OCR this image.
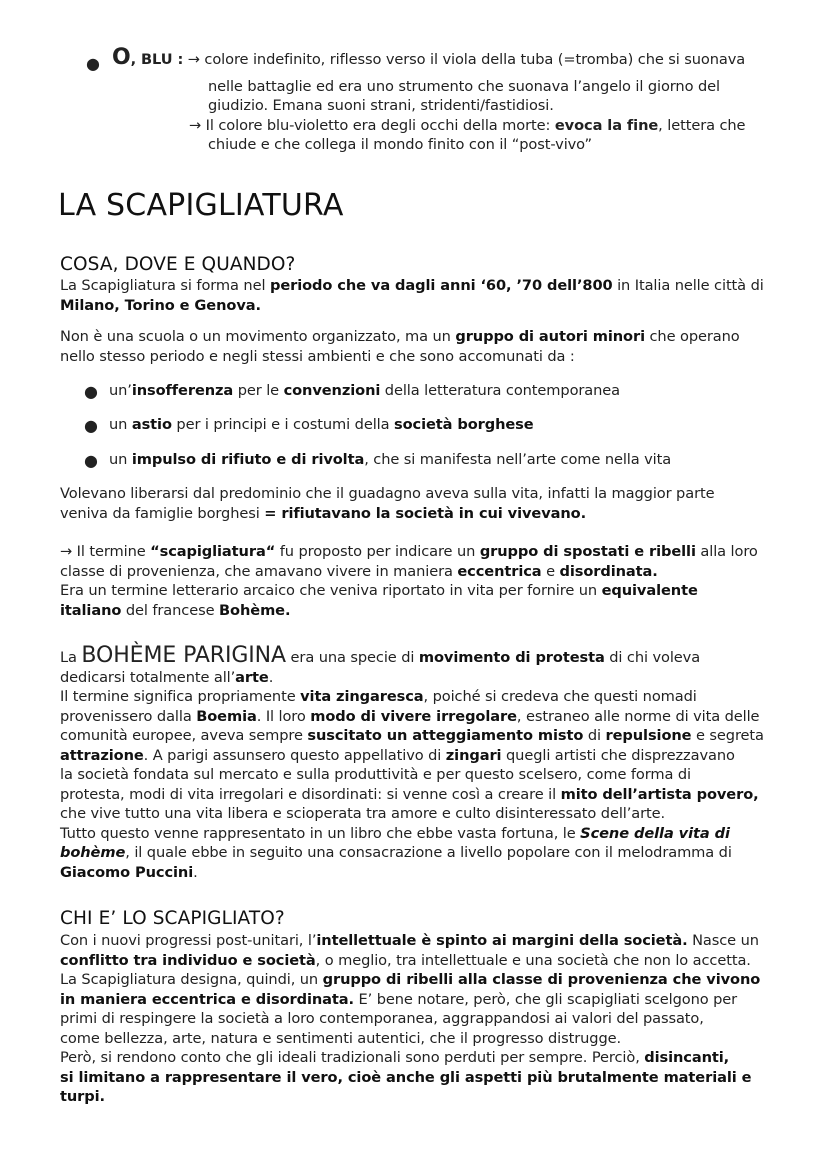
● O, BLU : → colore indefinito, riflesso verso il viola della tuba (=tromba) che si suonava
nelle battaglie ed era uno strumento che suonava l’angelo il giorno del
giudizio. Emana suoni strani, stridenti/fastidiosi.
→ Il colore blu-violetto era degli occhi della morte: evoca la fine, lettera che
chiude e che collega il mondo finito con il “post-vivo”
LA SCAPIGLIATURA
COSA, DOVE E QUANDO?
La Scapigliatura si forma nel periodo che va dagli anni ‘60, ’70 dell’800 in Italia nelle città di
Milano, Torino e Genova.
Non è una scuola o un movimento organizzato, ma un gruppo di autori minori che operano
nello stesso periodo e negli stessi ambienti e che sono accomunati da :
● un’insofferenza per le convenzioni della letteratura contemporanea
● un astio per i principi e i costumi della società borghese
● un impulso di rifiuto e di rivolta, che si manifesta nell’arte come nella vita
Volevano liberarsi dal predominio che il guadagno aveva sulla vita, infatti la maggior parte
veniva da famiglie borghesi = rifiutavano la società in cui vivevano.
→ Il termine “scapigliatura“ fu proposto per indicare un gruppo di spostati e ribelli alla loro
classe di provenienza, che amavano vivere in maniera eccentrica e disordinata.
Era un termine letterario arcaico che veniva riportato in vita per fornire un equivalente
italiano del francese Bohème.
La BOHÈME PARIGINA era una specie di movimento di protesta di chi voleva
dedicarsi totalmente all’arte.
Il termine significa propriamente vita zingaresca, poiché si credeva che questi nomadi
provenissero dalla Boemia. Il loro modo di vivere irregolare, estraneo alle norme di vita delle
comunità europee, aveva sempre suscitato un atteggiamento misto di repulsione e segreta
attrazione. A parigi assunsero questo appellativo di zingari quegli artisti che disprezzavano
la società fondata sul mercato e sulla produttività e per questo scelsero, come forma di
protesta, modi di vita irregolari e disordinati: si venne così a creare il mito dell’artista povero,
che vive tutto una vita libera e scioperata tra amore e culto disinteressato dell’arte.
Tutto questo venne rappresentato in un libro che ebbe vasta fortuna, le Scene della vita di
bohème, il quale ebbe in seguito una consacrazione a livello popolare con il melodramma di
Giacomo Puccini.
CHI E’ LO SCAPIGLIATO?
Con i nuovi progressi post-unitari, l’intellettuale è spinto ai margini della società. Nasce un
conflitto tra individuo e società, o meglio, tra intellettuale e una società che non lo accetta.
La Scapigliatura designa, quindi, un gruppo di ribelli alla classe di provenienza che vivono
in maniera eccentrica e disordinata. E’ bene notare, però, che gli scapigliati scelgono per
primi di respingere la società a loro contemporanea, aggrappandosi ai valori del passato,
come bellezza, arte, natura e sentimenti autentici, che il progresso distrugge.
Però, si rendono conto che gli ideali tradizionali sono perduti per sempre. Perciò, disincanti,
si limitano a rappresentare il vero, cioè anche gli aspetti più brutalmente materiali e turpi.
